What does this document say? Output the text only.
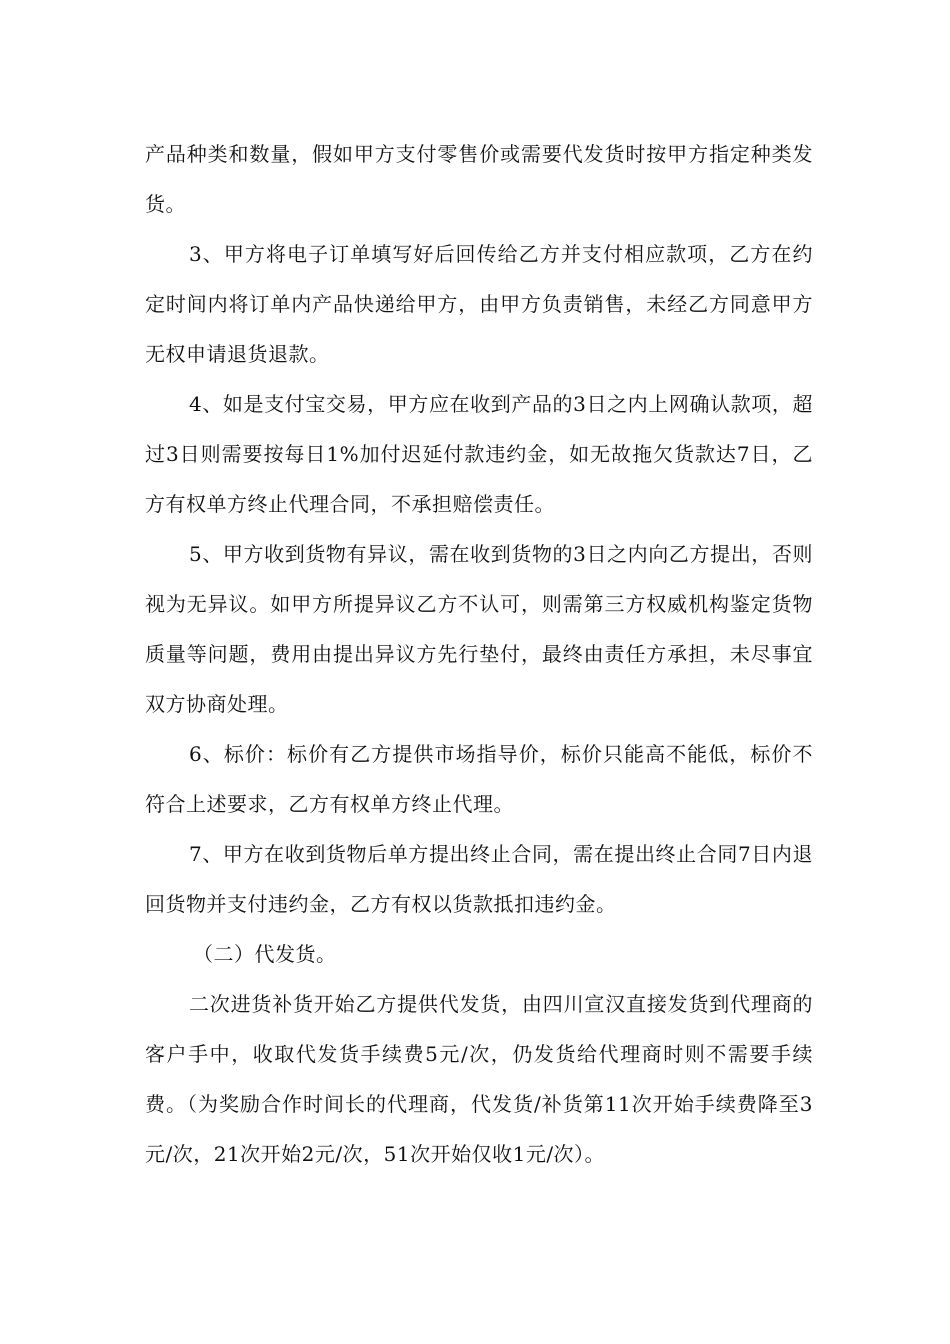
产品种类和数量，假如甲方支付零售价或需要代发货时按甲方指定种类发货。

3、甲方将电子订单填写好后回传给乙方并支付相应款项，乙方在约定时间内将订单内产品快递给甲方，由甲方负责销售，未经乙方同意甲方无权申请退货退款。

4、如是支付宝交易，甲方应在收到产品的3日之内上网确认款项，超过3日则需要按每日1%加付迟延付款违约金，如无故拖欠货款达7日，乙方有权单方终止代理合同，不承担赔偿责任。

5、甲方收到货物有异议，需在收到货物的3日之内向乙方提出，否则视为无异议。如甲方所提异议乙方不认可，则需第三方权威机构鉴定货物质量等问题，费用由提出异议方先行垫付，最终由责任方承担，未尽事宜双方协商处理。

6、标价：标价有乙方提供市场指导价，标价只能高不能低，标价不符合上述要求，乙方有权单方终止代理。

7、甲方在收到货物后单方提出终止合同，需在提出终止合同7日内退回货物并支付违约金，乙方有权以货款抵扣违约金。

（二）代发货。

二次进货补货开始乙方提供代发货，由四川宣汉直接发货到代理商的客户手中，收取代发货手续费5元/次，仍发货给代理商时则不需要手续费。（为奖励合作时间长的代理商，代发货/补货第11次开始手续费降至3元/次，21次开始2元/次，51次开始仅收1元/次）。
